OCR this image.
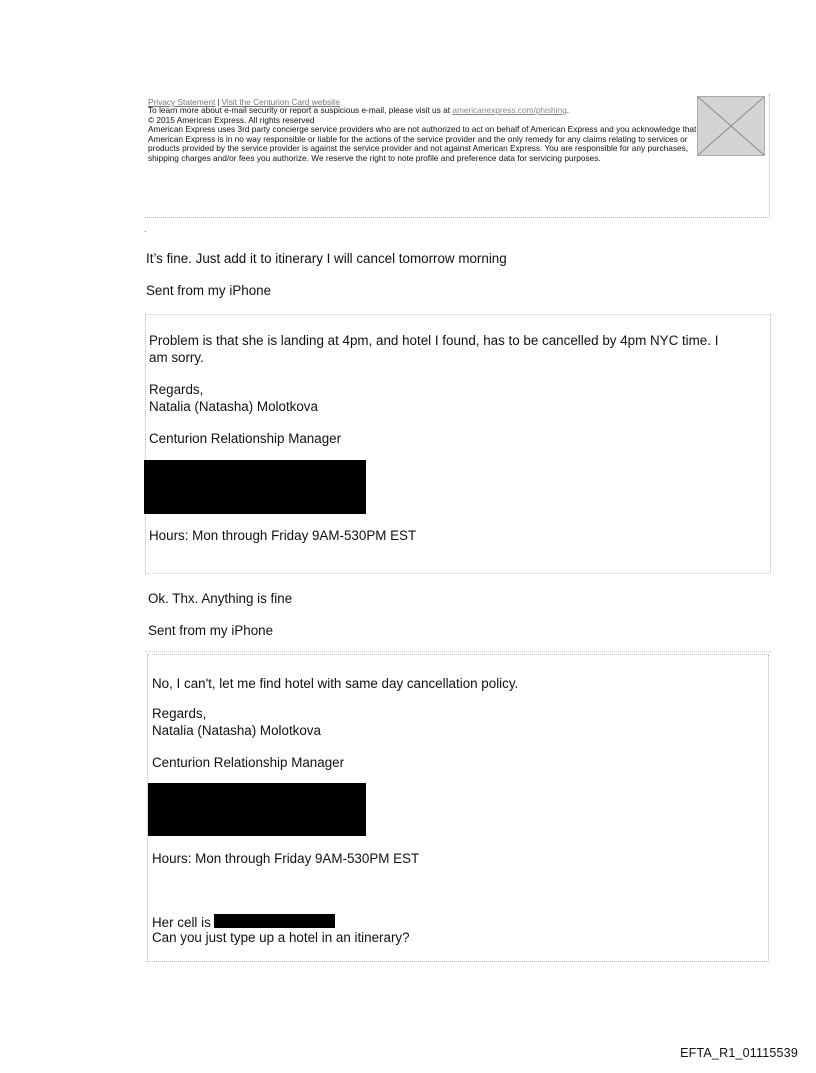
Privacy Statement | Visit the Centurion Card website

To learn more about e-mail security or report a suspicious e-mail, please visit us at americanexpress.com/phishing.

© 2015 American Express. All rights reserved

American Express uses 3rd party concierge service providers who are not authorized to act on behalf of American Express and you acknowledge that American Express is in no way responsible or liable for the actions of the service provider and the only remedy for any claims relating to services or products provided by the service provider is against the service provider and not against American Express. You are responsible for any purchases, shipping charges and/or fees you authorize. We reserve the right to note profile and preference data for servicing purposes.

.
It’s fine. Just add it to itinerary I will cancel tomorrow morning
Sent from my iPhone
Problem is that she is landing at 4pm, and hotel I found, has to be cancelled by 4pm NYC time. I
am sorry.
Regards,
Natalia (Natasha) Molotkova
Centurion Relationship Manager
Hours: Mon through Friday 9AM-530PM EST
Ok. Thx. Anything is fine
Sent from my iPhone
No, I can't, let me find hotel with same day cancellation policy.
Regards,
Natalia (Natasha) Molotkova
Centurion Relationship Manager
Hours: Mon through Friday 9AM-530PM EST
Her cell is
Can you just type up a hotel in an itinerary?
EFTA_R1_01115539
